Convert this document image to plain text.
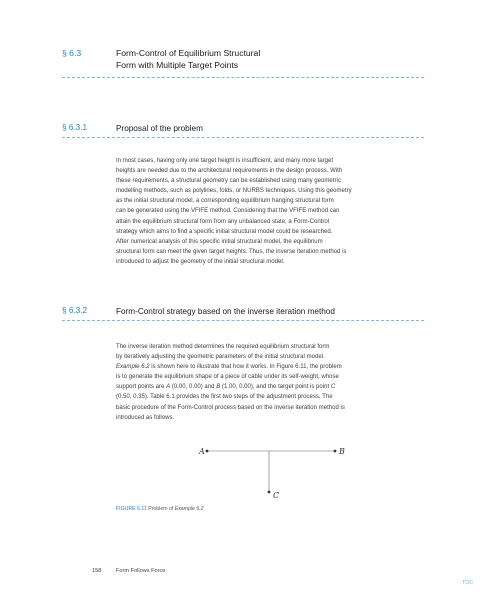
§ 6.3	Form-Control of Equilibrium Structural
Form with Multiple Target Points
§ 6.3.1	Proposal of the problem
In most cases, having only one target height is insufficient, and many more target
heights are needed due to the architectural requirements in the design process. With
these requirements, a structural geometry can be established using many geometric
modelling methods, such as polylines, folds, or NURBS techniques. Using this geometry
as the initial structural model, a corresponding equilibrium hanging structural form
can be generated using the VFIFE method. Considering that the VFIFE method can
attain the equilibrium structural form from any unbalanced state, a Form-Control
strategy which aims to find a specific initial structural model could be researched.
After numerical analysis of this specific initial structural model, the equilibrium
structural form can meet the given target heights. Thus, the inverse iteration method is
introduced to adjust the geometry of the initial structural model.
§ 6.3.2	Form-Control strategy based on the inverse iteration method
The inverse iteration method determines the required equilibrium structural form
by iteratively adjusting the geometric parameters of the initial structural model.
Example 6.2 is shown here to illustrate that how it works. In Figure 6.11, the problem
is to generate the equilibrium shape of a piece of cable under its self-weight, whose
support points are A (0.00, 0.00) and B (1.00, 0.00), and the target point is point C
(0.50, 0.35). Table 6.1 provides the first two steps of the adjustment process. The
basic procedure of the Form-Control process based on the inverse iteration method is
introduced as follows.
A	B
C
FIGURE 6.11 Problem of Example 6.2
158	Form Follows Force
TOC
